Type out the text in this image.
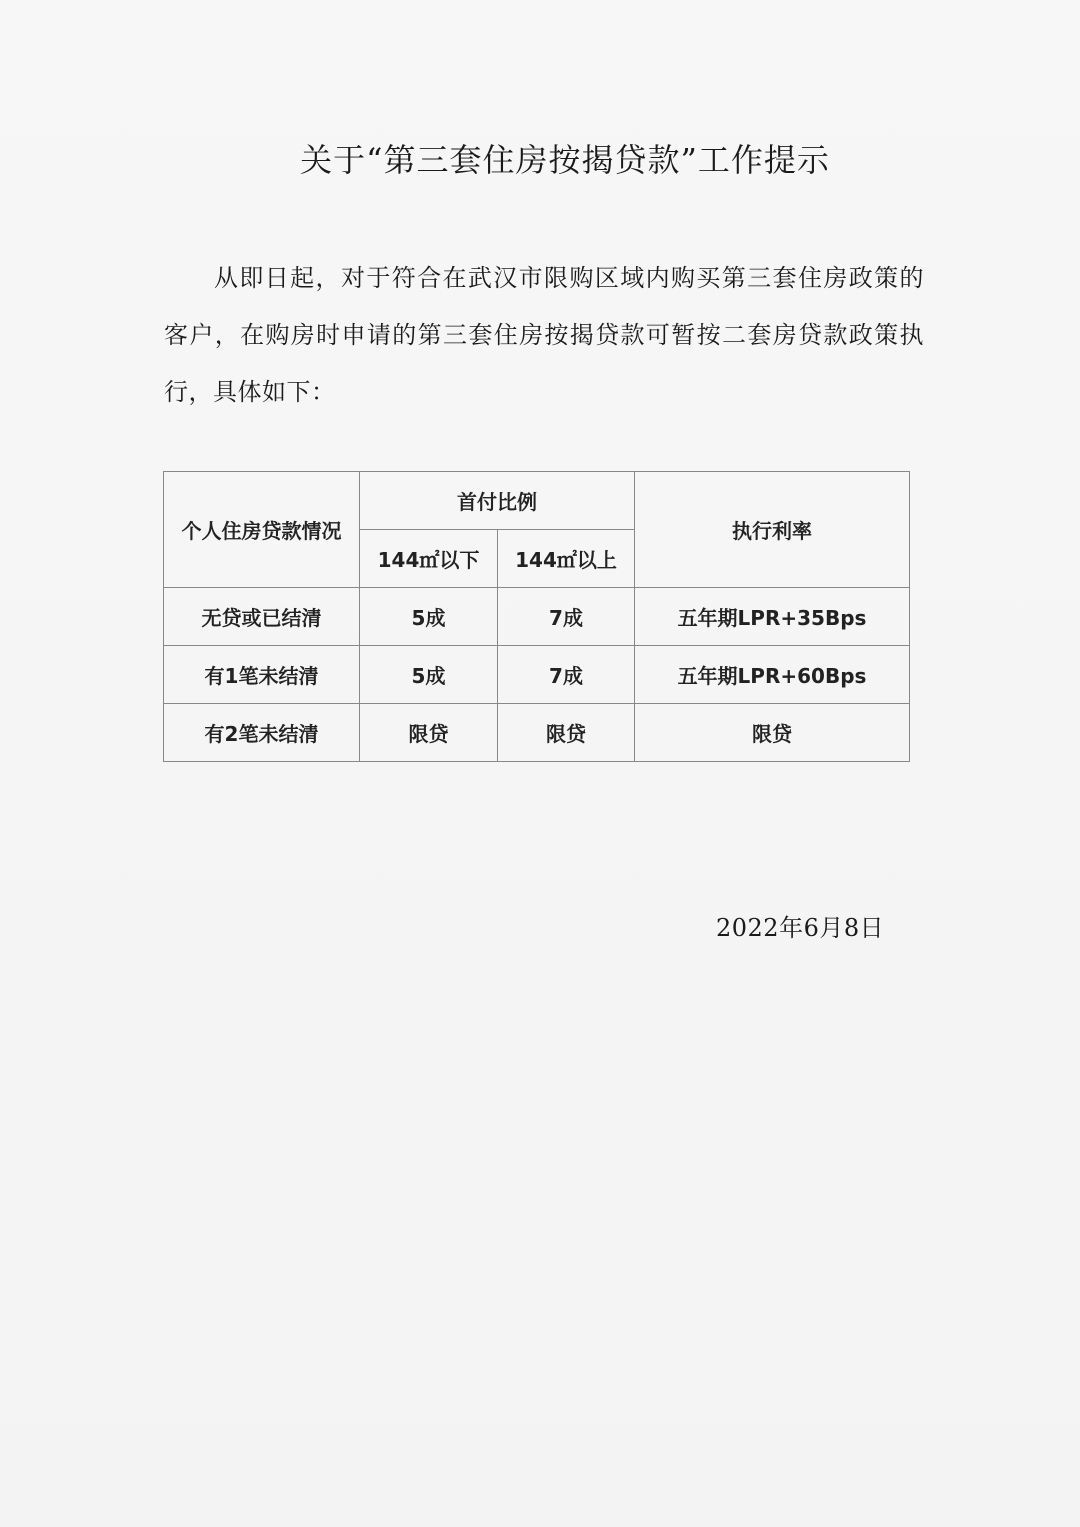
关于“第三套住房按揭贷款”工作提示

从即日起，对于符合在武汉市限购区域内购买第三套住房政策的客户，在购房时申请的第三套住房按揭贷款可暂按二套房贷款政策执行，具体如下：

个人住房贷款情况	首付比例		执行利率
	144㎡以下	144㎡以上	
无贷或已结清	5成	7成	五年期LPR+35Bps
有1笔未结清	5成	7成	五年期LPR+60Bps
有2笔未结清	限贷	限贷	限贷

2022年6月8日
